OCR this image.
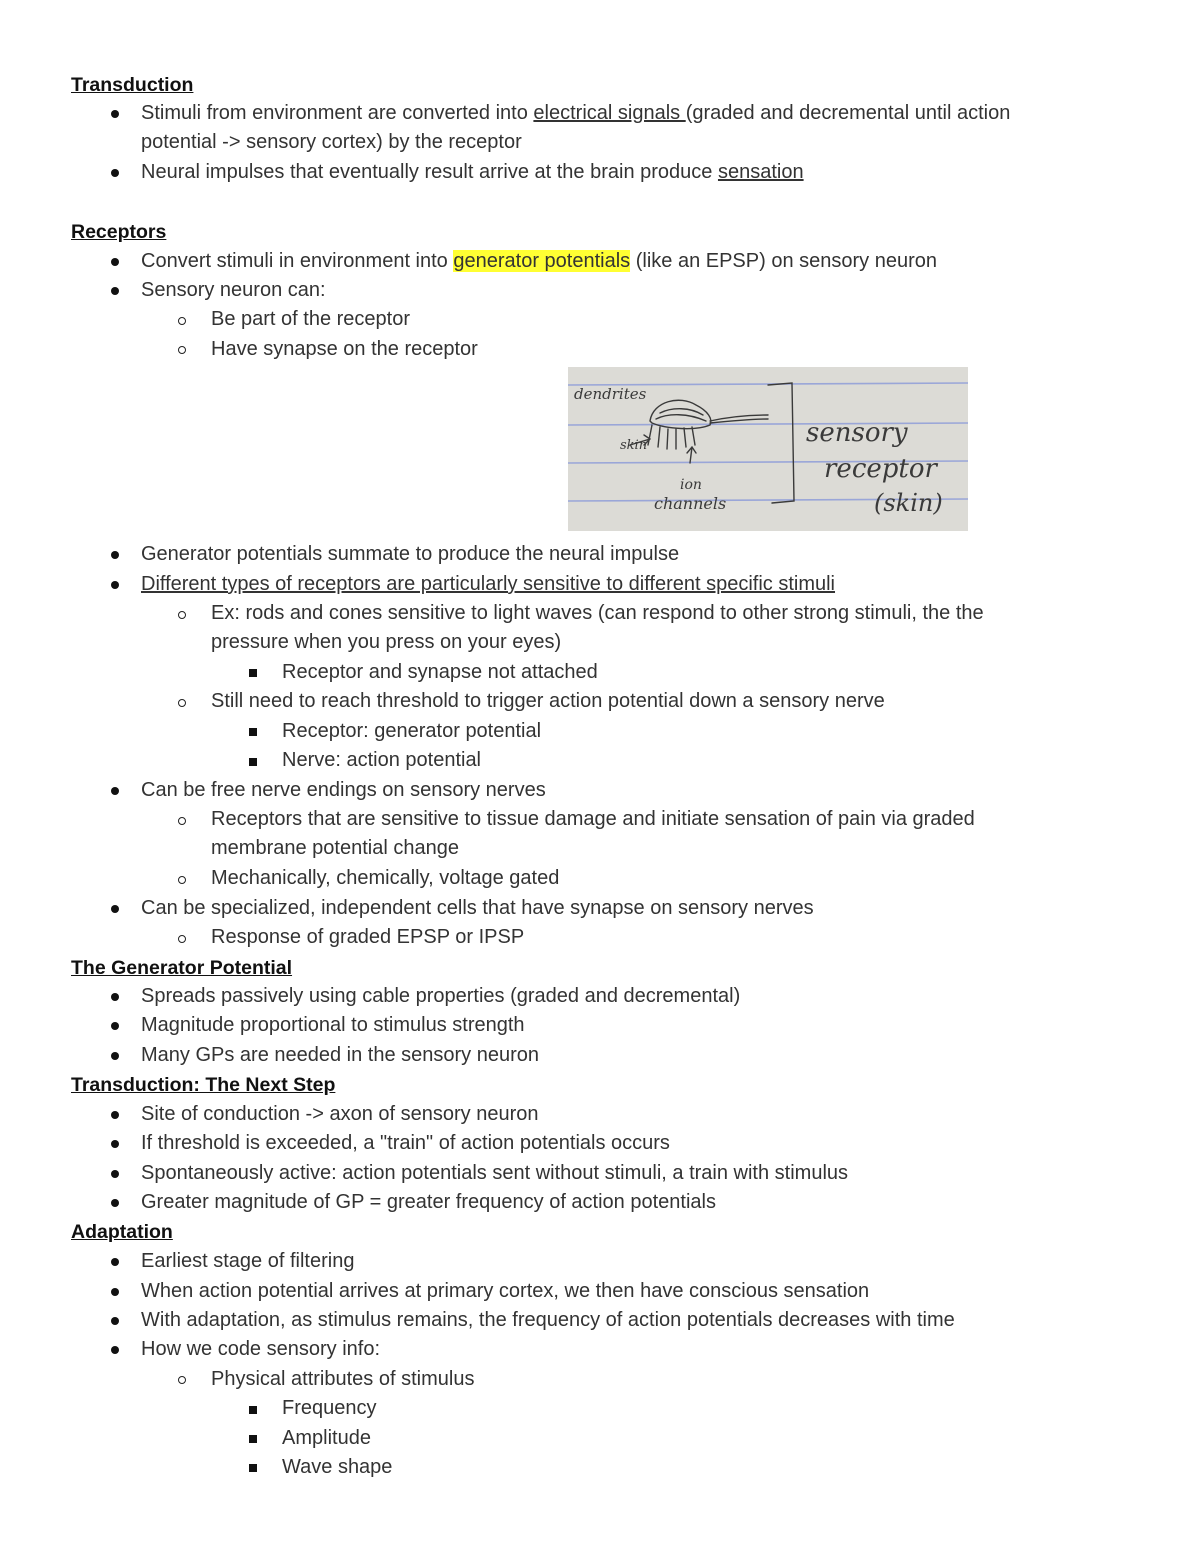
Transduction
Stimuli from environment are converted into electrical signals (graded and decremental until action
potential -> sensory cortex) by the receptor
Neural impulses that eventually result arrive at the brain produce sensation
Receptors
Convert stimuli in environment into generator potentials (like an EPSP) on sensory neuron
Sensory neuron can:
Be part of the receptor
Have synapse on the receptor
dendrites
skin
ion
channels
sensory
receptor
(skin)
Generator potentials summate to produce the neural impulse
Different types of receptors are particularly sensitive to different specific stimuli
Ex: rods and cones sensitive to light waves (can respond to other strong stimuli, the the
pressure when you press on your eyes)
Receptor and synapse not attached
Still need to reach threshold to trigger action potential down a sensory nerve
Receptor: generator potential
Nerve: action potential
Can be free nerve endings on sensory nerves
Receptors that are sensitive to tissue damage and initiate sensation of pain via graded
membrane potential change
Mechanically, chemically, voltage gated
Can be specialized, independent cells that have synapse on sensory nerves
Response of graded EPSP or IPSP
The Generator Potential
Spreads passively using cable properties (graded and decremental)
Magnitude proportional to stimulus strength
Many GPs are needed in the sensory neuron
Transduction: The Next Step
Site of conduction -> axon of sensory neuron
If threshold is exceeded, a "train" of action potentials occurs
Spontaneously active: action potentials sent without stimuli, a train with stimulus
Greater magnitude of GP = greater frequency of action potentials
Adaptation
Earliest stage of filtering
When action potential arrives at primary cortex, we then have conscious sensation
With adaptation, as stimulus remains, the frequency of action potentials decreases with time
How we code sensory info:
Physical attributes of stimulus
Frequency
Amplitude
Wave shape
